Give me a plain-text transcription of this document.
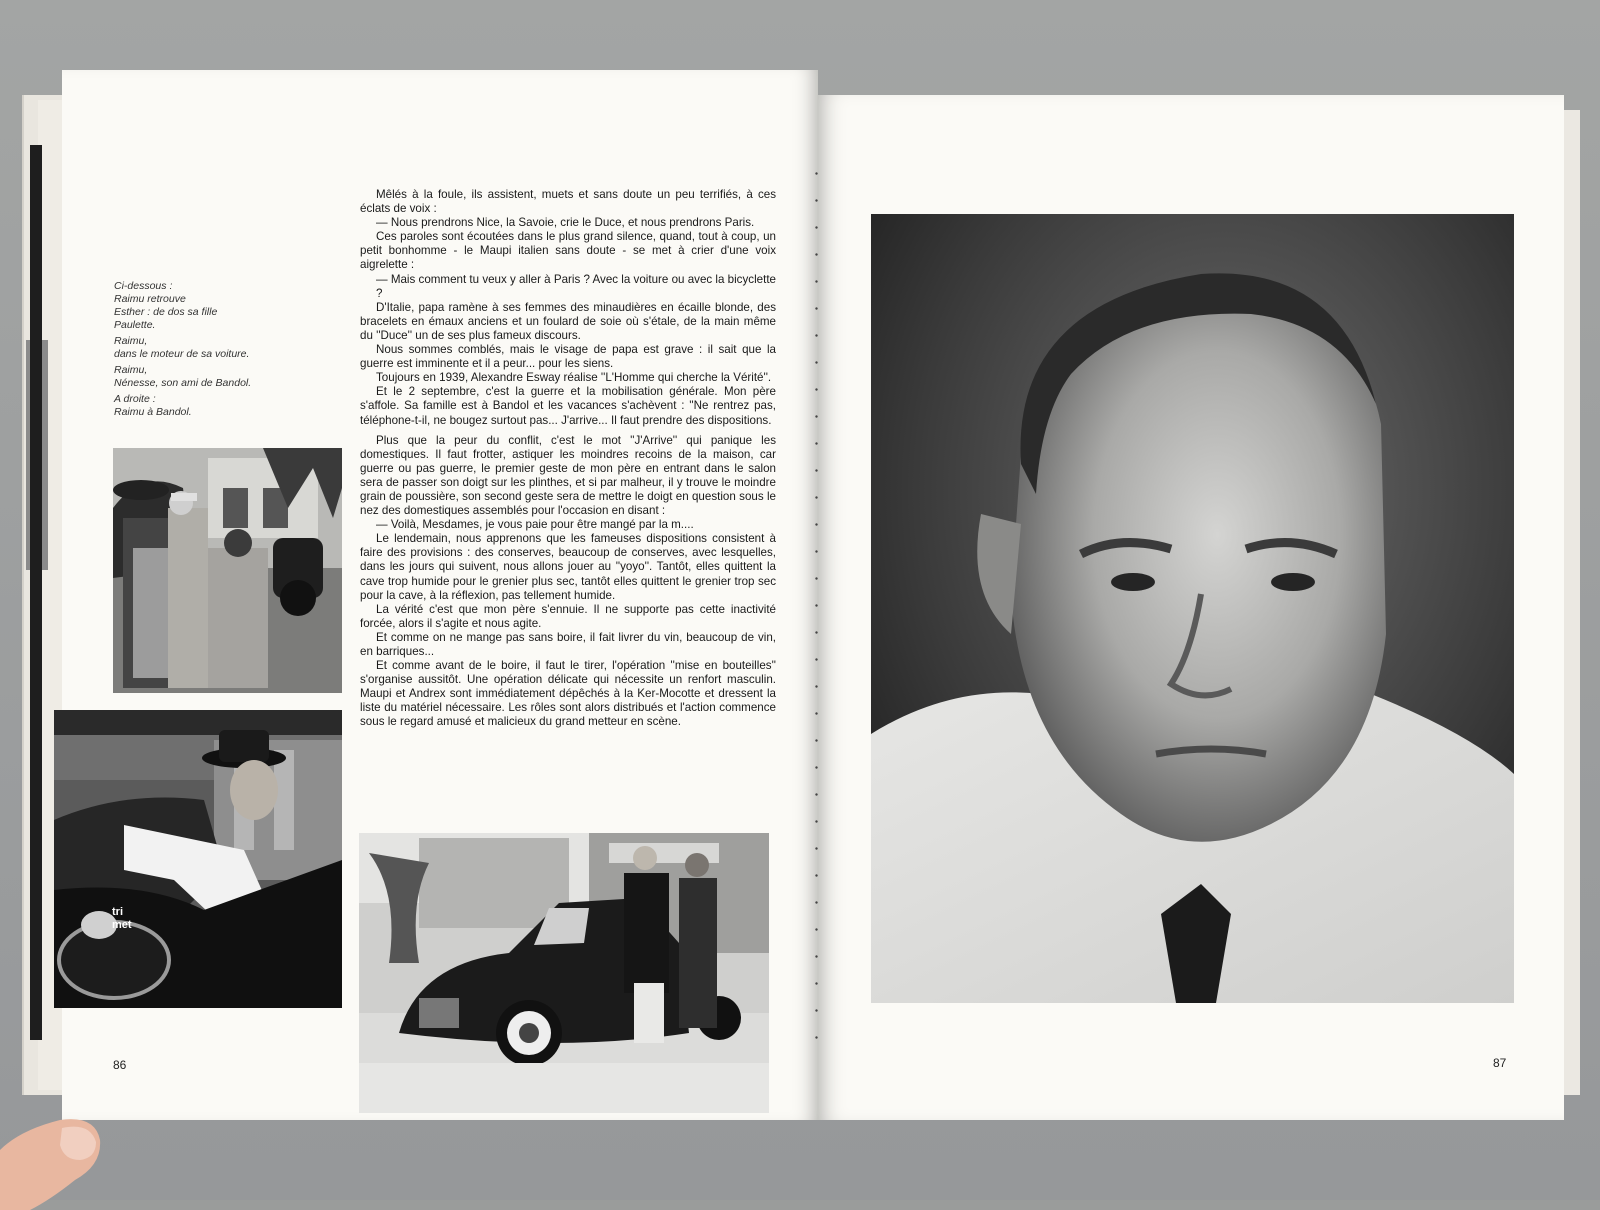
Ci-dessous :
Raimu retrouve
Esther : de dos sa fille
Paulette.

Raimu,
dans le moteur de sa voiture.

Raimu,
Nénesse, son ami de Bandol.

A droite :
Raimu à Bandol.

tri
met

Mêlés à la foule, ils assistent, muets et sans doute un peu terrifiés, à ces éclats de voix :

— Nous prendrons Nice, la Savoie, crie le Duce, et nous prendrons Paris.

Ces paroles sont écoutées dans le plus grand silence, quand, tout à coup, un petit bonhomme - le Maupi italien sans doute - se met à crier d'une voix aigrelette :

— Mais comment tu veux y aller à Paris ? Avec la voiture ou avec la bicyclette ?

D'Italie, papa ramène à ses femmes des minaudières en écaille blonde, des bracelets en émaux anciens et un foulard de soie où s'étale, de la main même du ''Duce'' un de ses plus fameux discours.

Nous sommes comblés, mais le visage de papa est grave : il sait que la guerre est imminente et il a peur... pour les siens.

Toujours en 1939, Alexandre Esway réalise ''L'Homme qui cherche la Vérité''.

Et le 2 septembre, c'est la guerre et la mobilisation générale. Mon père s'affole. Sa famille est à Bandol et les vacances s'achèvent : ''Ne rentrez pas, téléphone-t-il, ne bougez surtout pas... J'arrive... Il faut prendre des dispositions.

Plus que la peur du conflit, c'est le mot ''J'Arrive'' qui panique les domestiques. Il faut frotter, astiquer les moindres recoins de la maison, car guerre ou pas guerre, le premier geste de mon père en entrant dans le salon sera de passer son doigt sur les plinthes, et si par malheur, il y trouve le moindre grain de poussière, son second geste sera de mettre le doigt en question sous le nez des domestiques assemblés pour l'occasion en disant :

— Voilà, Mesdames, je vous paie pour être mangé par la m....

Le lendemain, nous apprenons que les fameuses dispositions consistent à faire des provisions : des conserves, beaucoup de conserves, avec lesquelles, dans les jours qui suivent, nous allons jouer au ''yoyo''. Tantôt, elles quittent la cave trop humide pour le grenier plus sec, tantôt elles quittent le grenier trop sec pour la cave, à la réflexion, pas tellement humide.

La vérité c'est que mon père s'ennuie. Il ne supporte pas cette inactivité forcée, alors il s'agite et nous agite.

Et comme on ne mange pas sans boire, il fait livrer du vin, beaucoup de vin, en barriques...

Et comme avant de le boire, il faut le tirer, l'opération ''mise en bouteilles'' s'organise aussitôt. Une opération délicate qui nécessite un renfort masculin. Maupi et Andrex sont immédiatement dépêchés à la Ker-Mocotte et dressent la liste du matériel nécessaire. Les rôles sont alors distribués et l'action commence sous le regard amusé et malicieux du grand metteur en scène.

86	87
